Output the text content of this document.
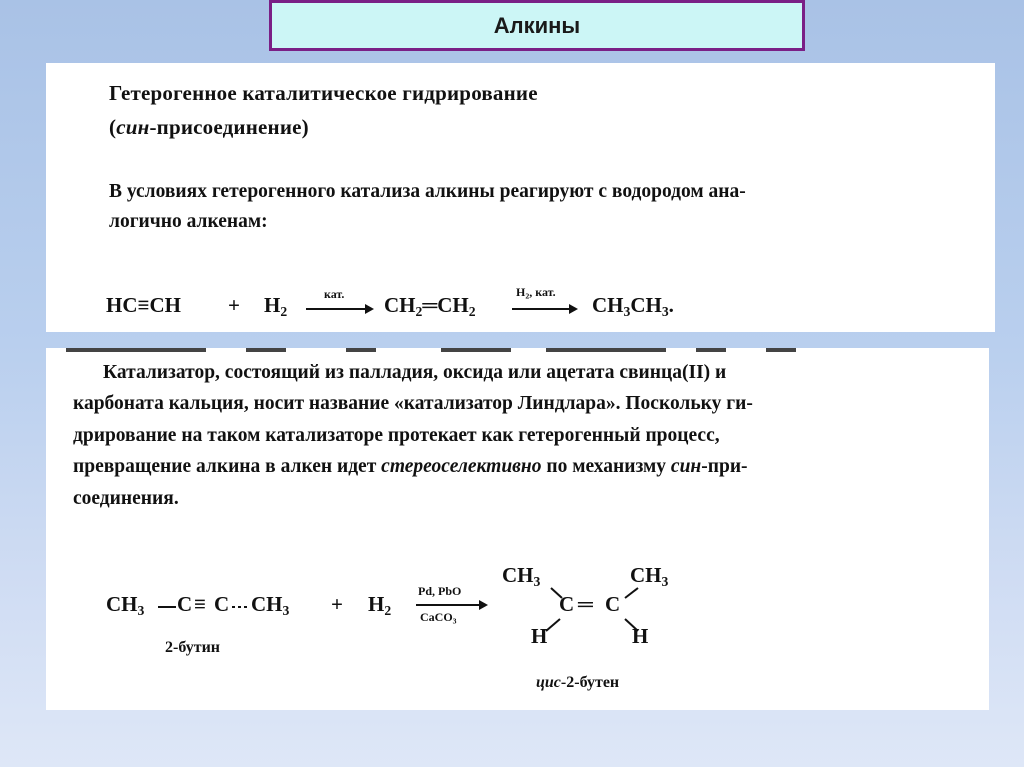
Алкины
Гетерогенное каталитическое гидрирование
(син-присоединение)
В условиях гетерогенного катализа алкины реагируют с водородом ана-
логично алкенам:
$HC\equiv CH + H_2$
кат. $CH_2═CH_2$
$H_2$, кат.
→ $CH_3CH_3$.
Катализатор, состоящий из палладия, оксида или ацетата свинца(II) и
карбоната кальция, носит название «катализатор Линдлара». Поскольку ги-
дрирование на таком катализаторе протекает как гетерогенный процесс,
превращение алкина в алкен идет стереоселективно по механизму син-при-
соединения.
$CH_3$ C ≡ C $CH_3 + H_2$
Pd, PbO
CaCO$_3$
2-бутин
$CH_3$	$CH_3$
C ═ C
H	H
цис-2-бутен
